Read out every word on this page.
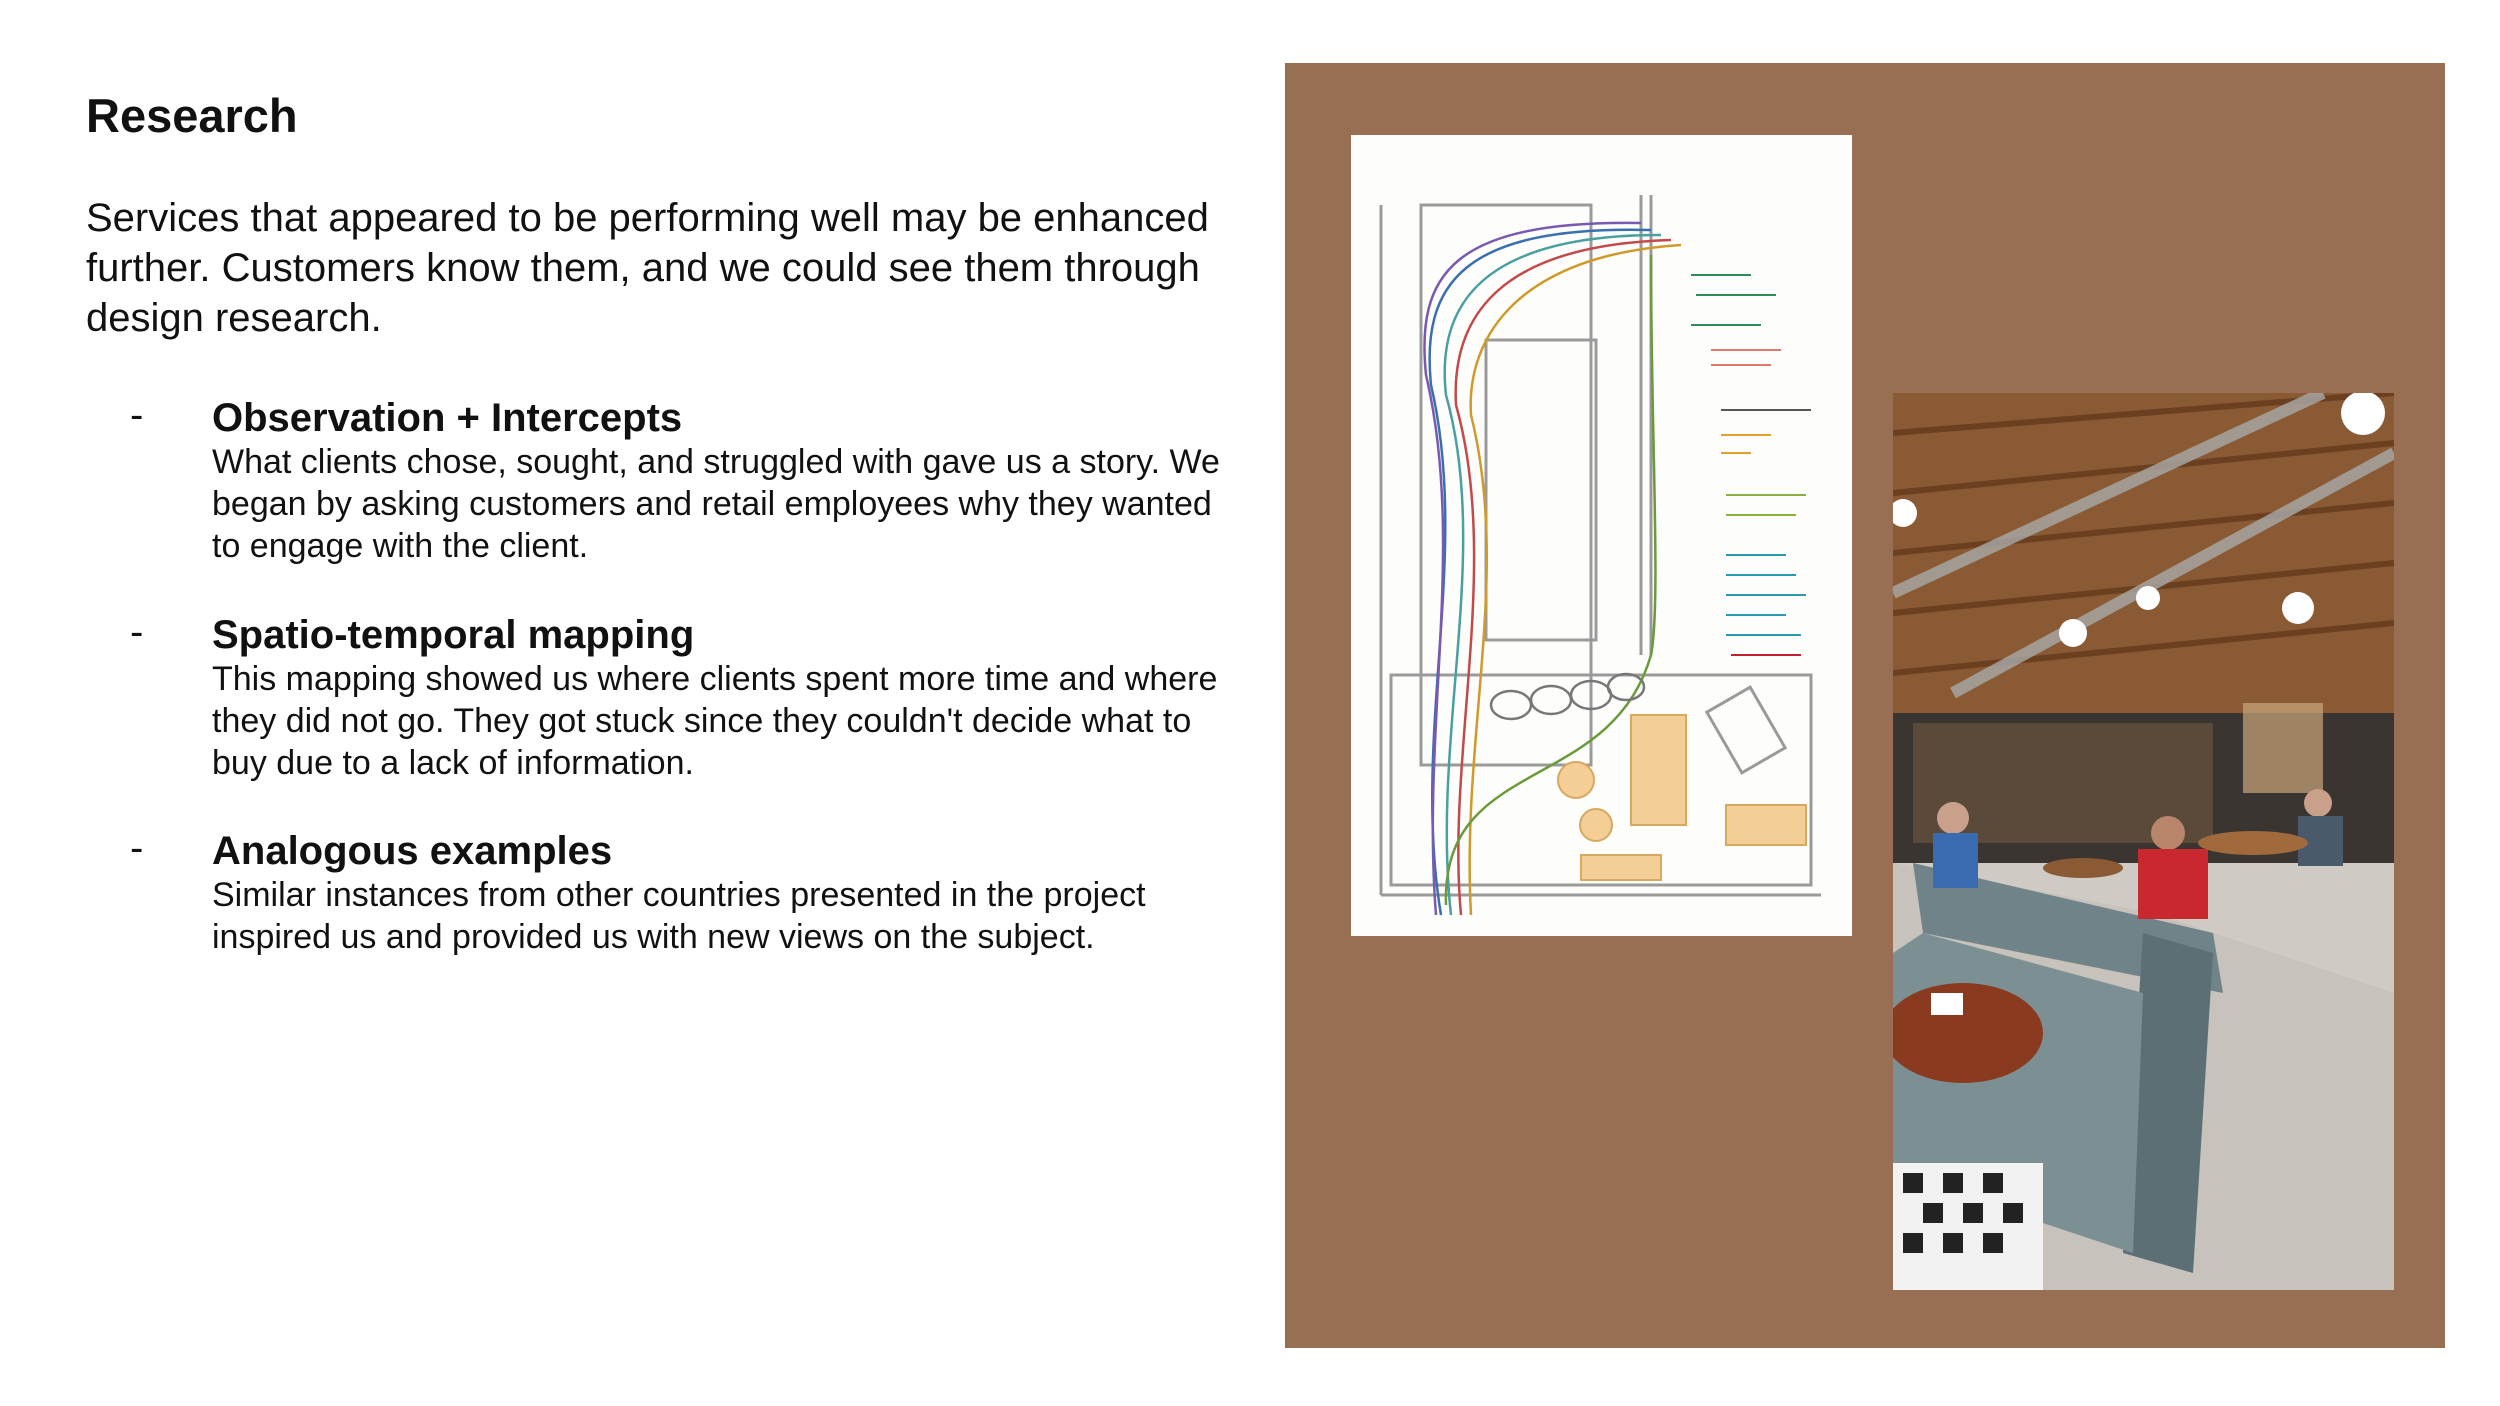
Research

Services that appeared to be performing well may be enhanced further. Customers know them, and we could see them through design research.

- Observation + Intercepts

What clients chose, sought, and struggled with gave us a story. We began by asking customers and retail employees why they wanted to engage with the client.

- Spatio-temporal mapping

This mapping showed us where clients spent more time and where they did not go. They got stuck since they couldn't decide what to buy due to a lack of information.

- Analogous examples

Similar instances from other countries presented in the project inspired us and provided us with new views on the subject.
